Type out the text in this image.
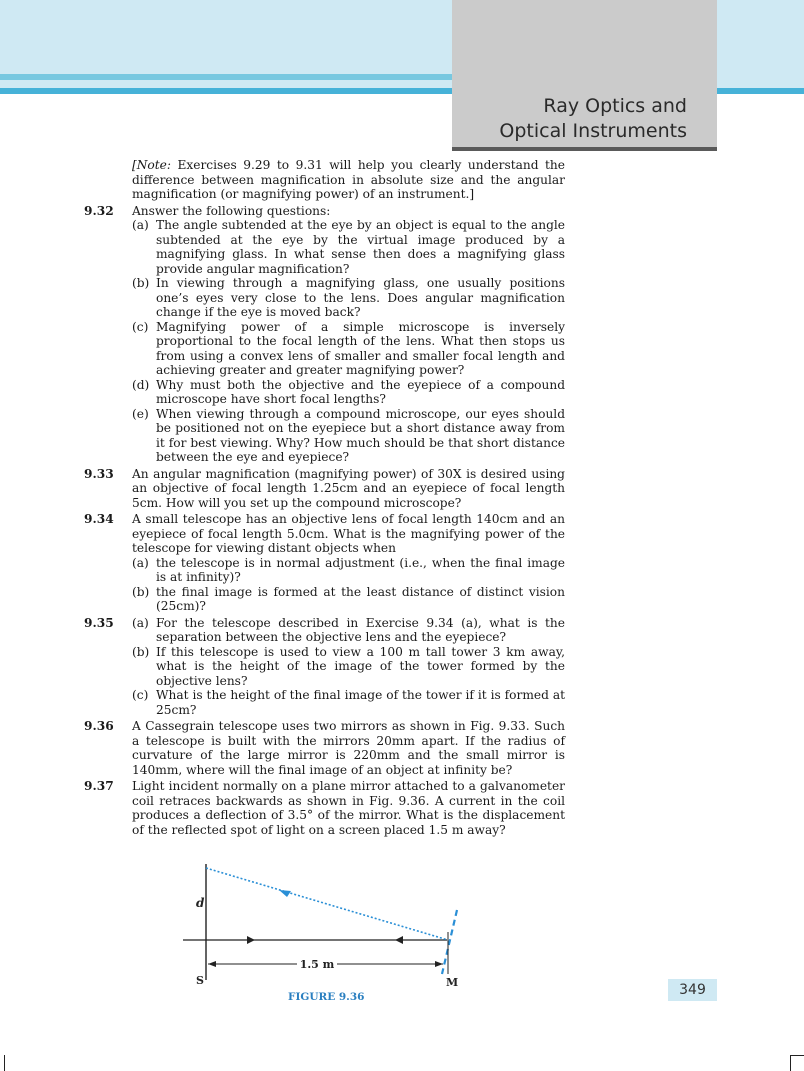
Ray Optics and
Optical Instruments
[Note: Exercises 9.29 to 9.31 will help you clearly understand the difference between magnification in absolute size and the angular magnification (or magnifying power) of an instrument.]
9.32 Answer the following questions:
(a) The angle subtended at the eye by an object is equal to the angle subtended at the eye by the virtual image produced by a magnifying glass. In what sense then does a magnifying glass provide angular magnification?
(b) In viewing through a magnifying glass, one usually positions one’s eyes very close to the lens. Does angular magnification change if the eye is moved back?
(c) Magnifying power of a simple microscope is inversely proportional to the focal length of the lens. What then stops us from using a convex lens of smaller and smaller focal length and achieving greater and greater magnifying power?
(d) Why must both the objective and the eyepiece of a compound microscope have short focal lengths?
(e) When viewing through a compound microscope, our eyes should be positioned not on the eyepiece but a short distance away from it for best viewing. Why? How much should be that short distance between the eye and eyepiece?
9.33 An angular magnification (magnifying power) of 30X is desired using an objective of focal length 1.25cm and an eyepiece of focal length 5cm. How will you set up the compound microscope?
9.34 A small telescope has an objective lens of focal length 140cm and an eyepiece of focal length 5.0cm. What is the magnifying power of the telescope for viewing distant objects when
(a) the telescope is in normal adjustment (i.e., when the final image is at infinity)?
(b) the final image is formed at the least distance of distinct vision (25cm)?
9.35 (a) For the telescope described in Exercise 9.34 (a), what is the separation between the objective lens and the eyepiece?
(b) If this telescope is used to view a 100 m tall tower 3 km away, what is the height of the image of the tower formed by the objective lens?
(c) What is the height of the final image of the tower if it is formed at 25cm?
9.36 A Cassegrain telescope uses two mirrors as shown in Fig. 9.33. Such a telescope is built with the mirrors 20mm apart. If the radius of curvature of the large mirror is 220mm and the small mirror is 140mm, where will the final image of an object at infinity be?
9.37 Light incident normally on a plane mirror attached to a galvanometer coil retraces backwards as shown in Fig. 9.36. A current in the coil produces a deflection of 3.5° of the mirror. What is the displacement of the reflected spot of light on a screen placed 1.5 m away?
1.5 m
d
S	M
FIGURE 9.36	349
